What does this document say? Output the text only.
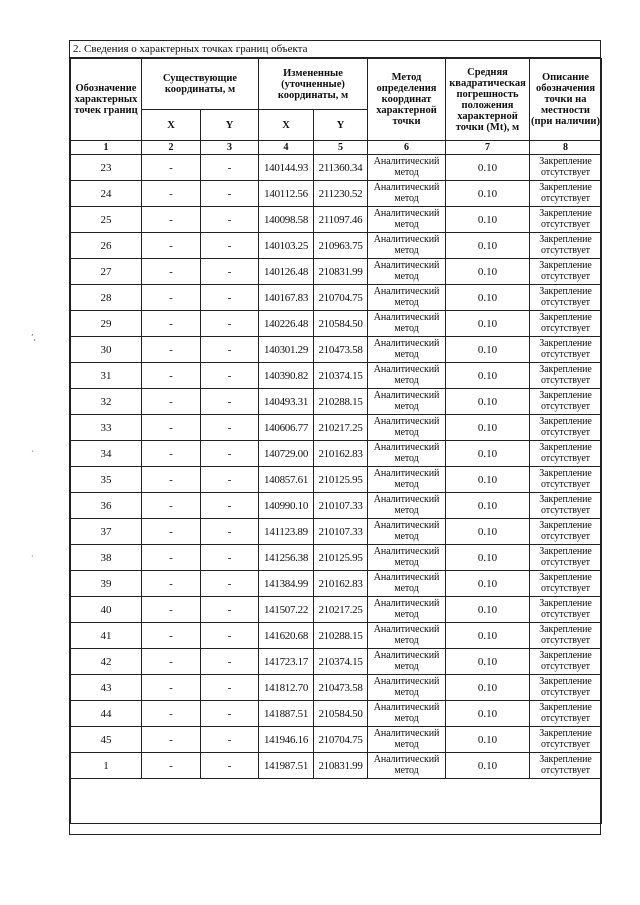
ʼ,
ˎ
·
2. Сведения о характерных точках границ объекта
Обозначение характерных точек границ	Существующие координаты, м		Измененные (уточненные) координаты, м		Метод определения координат характерной точки	Средняя квадратическая погрешность положения характерной точки (Mt), м	Описание обозначения точки на местности (при наличии)
	X	Y	X	Y			
1	2	3	4	5	6	7	8
23	-	-	140144.93	211360.34	Аналитический метод	0.10	Закрепление отсутствует
24	-	-	140112.56	211230.52	Аналитический метод	0.10	Закрепление отсутствует
25	-	-	140098.58	211097.46	Аналитический метод	0.10	Закрепление отсутствует
26	-	-	140103.25	210963.75	Аналитический метод	0.10	Закрепление отсутствует
27	-	-	140126.48	210831.99	Аналитический метод	0.10	Закрепление отсутствует
28	-	-	140167.83	210704.75	Аналитический метод	0.10	Закрепление отсутствует
29	-	-	140226.48	210584.50	Аналитический метод	0.10	Закрепление отсутствует
30	-	-	140301.29	210473.58	Аналитический метод	0.10	Закрепление отсутствует
31	-	-	140390.82	210374.15	Аналитический метод	0.10	Закрепление отсутствует
32	-	-	140493.31	210288.15	Аналитический метод	0.10	Закрепление отсутствует
33	-	-	140606.77	210217.25	Аналитический метод	0.10	Закрепление отсутствует
34	-	-	140729.00	210162.83	Аналитический метод	0.10	Закрепление отсутствует
35	-	-	140857.61	210125.95	Аналитический метод	0.10	Закрепление отсутствует
36	-	-	140990.10	210107.33	Аналитический метод	0.10	Закрепление отсутствует
37	-	-	141123.89	210107.33	Аналитический метод	0.10	Закрепление отсутствует
38	-	-	141256.38	210125.95	Аналитический метод	0.10	Закрепление отсутствует
39	-	-	141384.99	210162.83	Аналитический метод	0.10	Закрепление отсутствует
40	-	-	141507.22	210217.25	Аналитический метод	0.10	Закрепление отсутствует
41	-	-	141620.68	210288.15	Аналитический метод	0.10	Закрепление отсутствует
42	-	-	141723.17	210374.15	Аналитический метод	0.10	Закрепление отсутствует
43	-	-	141812.70	210473.58	Аналитический метод	0.10	Закрепление отсутствует
44	-	-	141887.51	210584.50	Аналитический метод	0.10	Закрепление отсутствует
45	-	-	141946.16	210704.75	Аналитический метод	0.10	Закрепление отсутствует
1	-	-	141987.51	210831.99	Аналитический метод	0.10	Закрепление отсутствует
